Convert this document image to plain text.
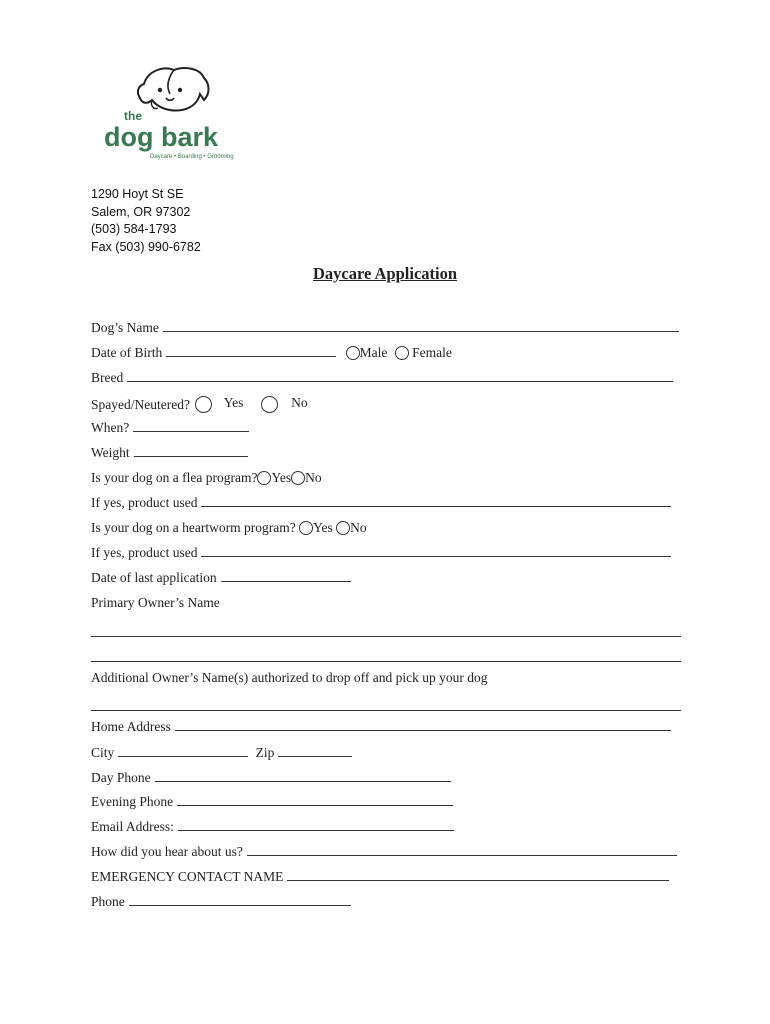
the
dog bark
Daycare • Boarding • Grooming
1290 Hoyt St SE
Salem, OR 97302
(503) 584-1793
Fax (503) 990-6782
Daycare Application
Dog’s Name
Date of Birth	Male Female
Breed
Spayed/Neutered?	Yes	No
When?
Weight
Is your dog on a flea program? Yes No
If yes, product used
Is your dog on a heartworm program? Yes No
If yes, product used
Date of last application
Primary Owner’s Name
Additional Owner’s Name(s) authorized to drop off and pick up your dog
Home Address
City	Zip
Day Phone
Evening Phone
Email Address:
How did you hear about us?
EMERGENCY CONTACT NAME
Phone
